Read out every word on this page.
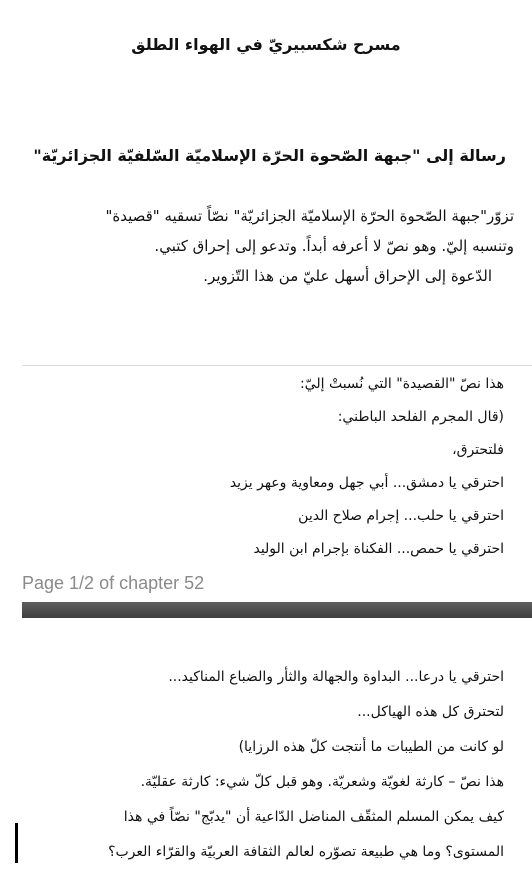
مسرح شكسبيريّ في الهواء الطلق
رسالة إلى "جبهة الصّحوة الحرّة الإسلاميّة السّلفيّة الجزائريّة"
تزوّر"جبهة الصّحوة الحرّة الإسلاميّة الجزائريّة" نصّاً تسقيه "قصيدة"
وتنسبه إليّ. وهو نصّ لا أعرفه أبداً. وتدعو إلى إحراق كتبي.
الدّعوة إلى الإحراق أسهل عليّ من هذا التّزوير.
هذا نصّ "القصيدة" التي نُسبتْ إليّ:
(قال المجرم الفلحد الباطني:
فلتحترق،
احترقي يا دمشق... أبي جهل ومعاوية وعهر يزيد
احترقي يا حلب... إجرام صلاح الدين
احترقي يا حمص... الفكناة بإجرام ابن الوليد
Page 1/2 of chapter 52
احترقي يا درعا... البداوة والجهالة والثأر والضباع المناكيد...
لتحترق كل هذه الهياكل...
لو كانت من الطيبات ما أنتجت كلّ هذه الرزايا)
هذا نصّ – كارثة لغويّة وشعريّة. وهو قبل كلّ شيء: كارثة عقليّة.
كيف يمكن المسلم المثقّف المناضل الدّاعية أن "يدبّج" نصّاً في هذا
المستوى؟ وما هي طبيعة تصوّره لعالم الثقافة العربيّة والقرّاء العرب؟
